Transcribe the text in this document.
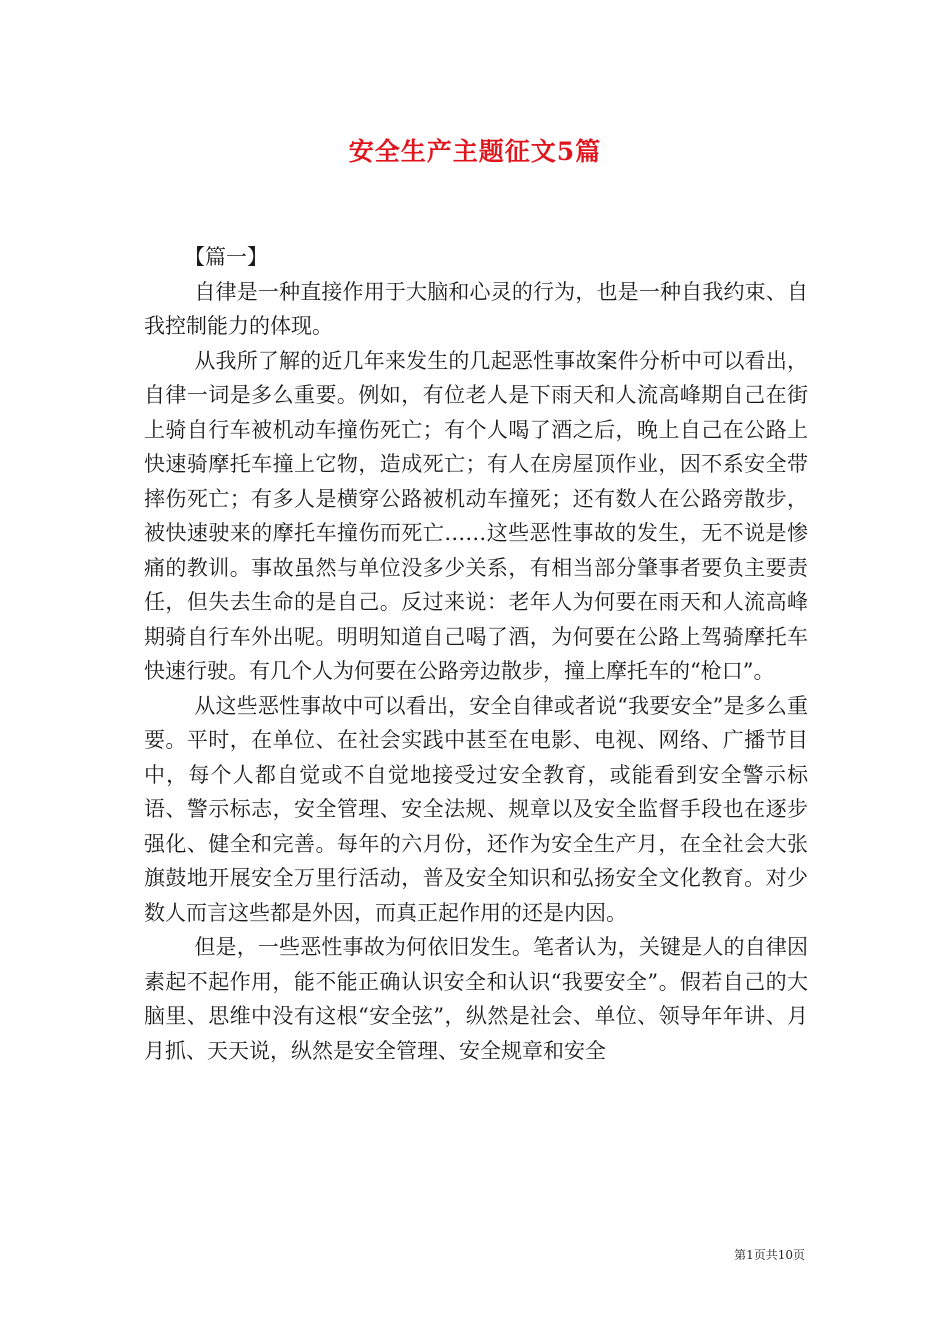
安全生产主题征文5篇

【篇一】

自律是一种直接作用于大脑和心灵的行为，也是一种自我约束、自我控制能力的体现。

从我所了解的近几年来发生的几起恶性事故案件分析中可以看出，自律一词是多么重要。例如，有位老人是下雨天和人流高峰期自己在街上骑自行车被机动车撞伤死亡；有个人喝了酒之后，晚上自己在公路上快速骑摩托车撞上它物，造成死亡；有人在房屋顶作业，因不系安全带摔伤死亡；有多人是横穿公路被机动车撞死；还有数人在公路旁散步，被快速驶来的摩托车撞伤而死亡……这些恶性事故的发生，无不说是惨痛的教训。事故虽然与单位没多少关系，有相当部分肇事者要负主要责任，但失去生命的是自己。反过来说：老年人为何要在雨天和人流高峰期骑自行车外出呢。明明知道自己喝了酒，为何要在公路上驾骑摩托车快速行驶。有几个人为何要在公路旁边散步，撞上摩托车的“枪口”。

从这些恶性事故中可以看出，安全自律或者说“我要安全”是多么重要。平时，在单位、在社会实践中甚至在电影、电视、网络、广播节目中，每个人都自觉或不自觉地接受过安全教育，或能看到安全警示标语、警示标志，安全管理、安全法规、规章以及安全监督手段也在逐步强化、健全和完善。每年的六月份，还作为安全生产月，在全社会大张旗鼓地开展安全万里行活动，普及安全知识和弘扬安全文化教育。对少数人而言这些都是外因，而真正起作用的还是内因。

但是，一些恶性事故为何依旧发生。笔者认为，关键是人的自律因素起不起作用，能不能正确认识安全和认识“我要安全”。假若自己的大脑里、思维中没有这根“安全弦”，纵然是社会、单位、领导年年讲、月月抓、天天说，纵然是安全管理、安全规章和安全

第1页共10页
